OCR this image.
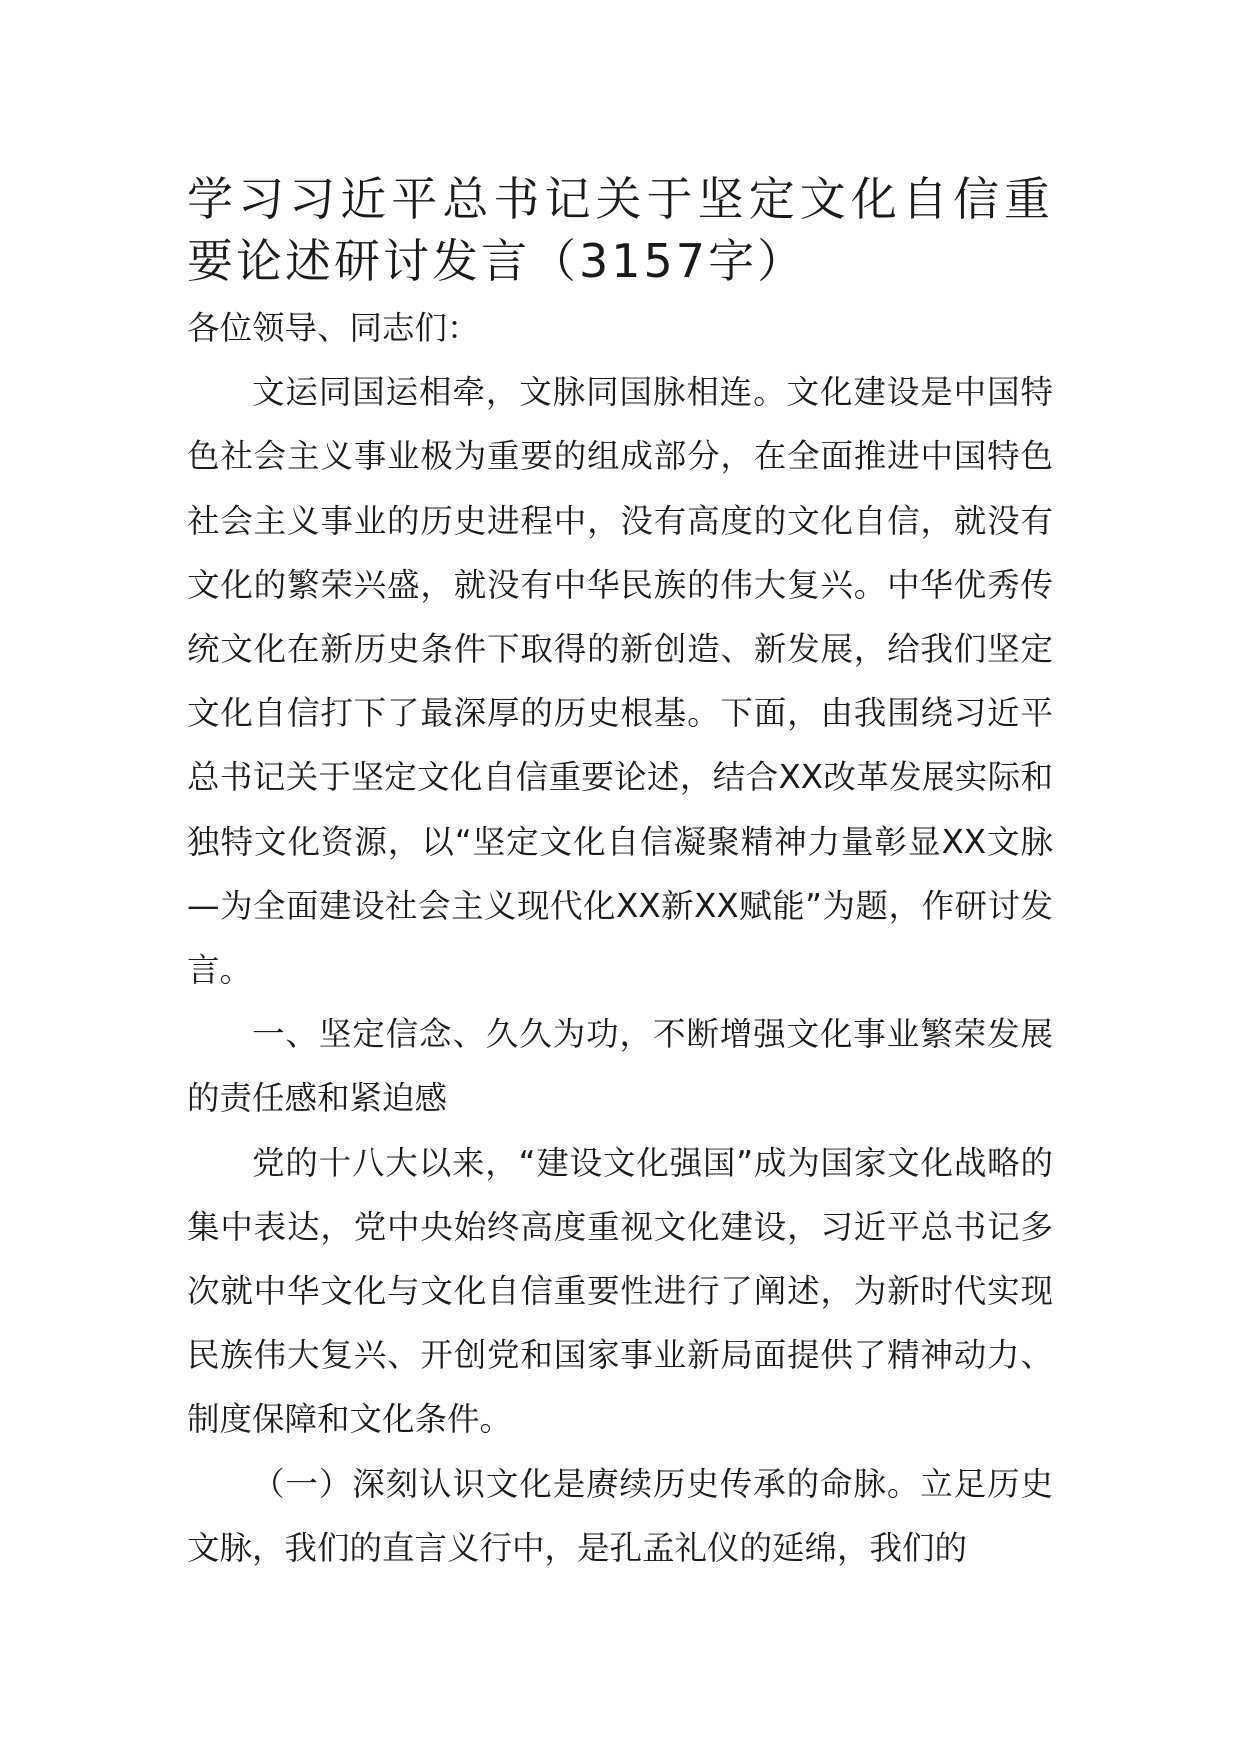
学习习近平总书记关于坚定文化自信重要论述研讨发言（3157字）

各位领导、同志们：

文运同国运相牵，文脉同国脉相连。文化建设是中国特色社会主义事业极为重要的组成部分，在全面推进中国特色社会主义事业的历史进程中，没有高度的文化自信，就没有文化的繁荣兴盛，就没有中华民族的伟大复兴。中华优秀传统文化在新历史条件下取得的新创造、新发展，给我们坚定文化自信打下了最深厚的历史根基。下面，由我围绕习近平总书记关于坚定文化自信重要论述，结合XX改革发展实际和独特文化资源，以“坚定文化自信凝聚精神力量彰显XX文脉—为全面建设社会主义现代化XX新XX赋能”为题，作研讨发言。

一、坚定信念、久久为功，不断增强文化事业繁荣发展的责任感和紧迫感

党的十八大以来，“建设文化强国”成为国家文化战略的集中表达，党中央始终高度重视文化建设，习近平总书记多次就中华文化与文化自信重要性进行了阐述，为新时代实现民族伟大复兴、开创党和国家事业新局面提供了精神动力、制度保障和文化条件。

（一）深刻认识文化是赓续历史传承的命脉。立足历史文脉，我们的直言义行中，是孔孟礼仪的延绵，我们的
